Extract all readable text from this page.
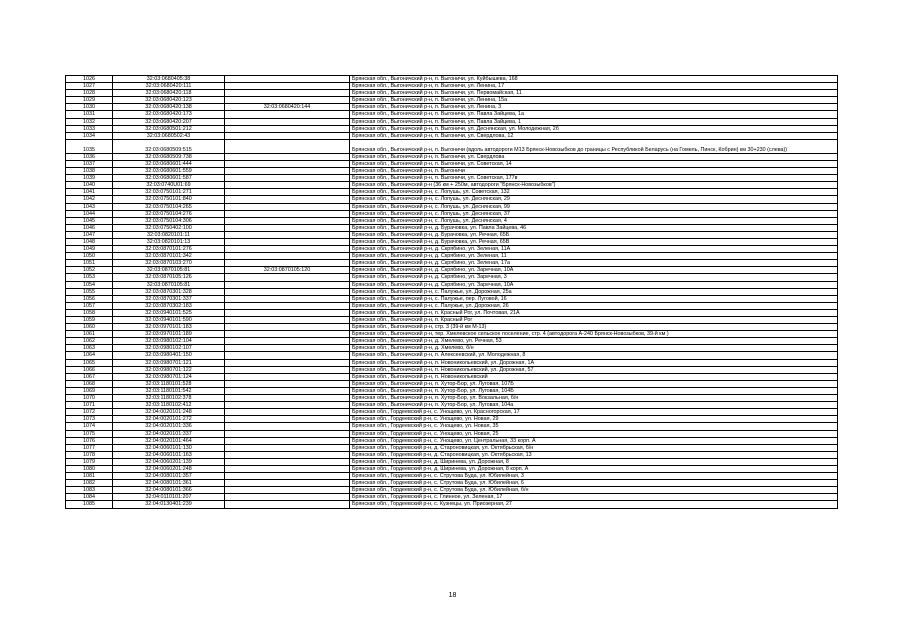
1026	32:03:0680405:38		Брянская обл., Выгоничский р-н, п. Выгоничи, ул. Куйбышева, 168
1027	32:03:0680420:111		Брянская обл., Выгоничский р-н, п. Выгоничи, ул. Ленина, 17
1028	32:03:0680420:118		Брянская обл., Выгоничский р-н, п. Выгоничи, ул. Первомайская, 11
1029	32:03:0680420:123		Брянская обл., Выгоничский р-н, п. Выгоничи, ул. Ленина, 15а
1030	32:03:0680420:138	32:03:0680420:144	Брянская обл., Выгоничский р-н, п. Выгоничи, ул. Ленина, 3
1031	32:03:0680420:173		Брянская обл., Выгоничский р-н, п. Выгоничи, ул. Павла Зайцева, 1а
1032	32:03:0680420:207		Брянская обл., Выгоничский р-н, п. Выгоничи, ул. Павла Зайцева, 1
1033	32:03:0680501:212		Брянская обл., Выгоничский р-н, п. Выгоничи, ул. Деснянская, ул. Молодежная, 2б
1034	32:03:0680502:43		Брянская обл., Выгоничский р-н, п. Выгоничи, ул. Свердлова, 12
1035	32:03:0680509:515		Брянская обл., Выгоничский р-н, п. Выгоничи (вдоль автодороги М13 Брянск-Новозыбков до границы с Республикой Беларусь (на Гомель, Пинск, Кобрин) км 30+230 (слева))
1036	32:03:0680509:738		Брянская обл., Выгоничский р-н, п. Выгоничи, ул. Свердлова
1037	32:03:0680601:444		Брянская обл., Выгоничский р-н, п. Выгоничи, ул. Советская, 14
1038	32:03:0680601:559		Брянская обл., Выгоничский р-н, п. Выгоничи
1039	32:03:0680601:587		Брянская обл., Выгоничский р-н, п. Выгоничи, ул. Советская, 177в
1040	32:03:0740U01:69		Брянская обл., Выгоничский р-н (36 км + 250м, автодороги "Брянск-Новозыбков")
1041	32:03:0750101:271		Брянская обл., Выгоничский р-н, с. Лопушь, ул. Советская, 132
1042	32:03:0750101:840		Брянская обл., Выгоничский р-н, с. Лопушь, ул. Деснянская, 29
1043	32:03:0750104:265		Брянская обл., Выгоничский р-н, с. Лопушь, ул. Деснянская, 99
1044	32:03:0750104:276		Брянская обл., Выгоничский р-н, с. Лопушь, ул. Деснянская, 37
1045	32:03:0750104:306		Брянская обл., Выгоничский р-н, с. Лопушь, ул. Деснянская, 4
1046	32:03:0750402:100		Брянская обл., Выгоничский р-н, д. Бурачовка, ул. Павла Зайцева, 46
1047	32:03:0820101:11		Брянская обл., Выгоничский р-н, д. Бурачовка, ул. Речная, 65Б
1048	32:03:0820101:13		Брянская обл., Выгоничский р-н, д. Бурачовка, ул. Речная, 65В
1049	32:03:0870101:276		Брянская обл., Выгоничский р-н, д. Скрябино, ул. Зеленая, 11А
1050	32:03:0870101:342		Брянская обл., Выгоничский р-н, д. Скрябино, ул. Зеленая, 11
1051	32:03:0870103:270		Брянская обл., Выгоничский р-н, д. Скрябино, ул. Зеленая, 17а
1052	32:03:0870105:81	32:03:0870105:120	Брянская обл., Выгоничский р-н, д. Скрябино, ул. Заречная, 10А
1053	32:03:0870105:126		Брянская обл., Выгоничский р-н, д. Скрябино, ул. Заречная, 3
1054	32:03:0870105:81		Брянская обл., Выгоничский р-н, д. Скрябино, ул. Заречная, 10А
1055	32:03:0870301:328		Брянская обл., Выгоничский р-н, с. Палужье, ул. Дорожная, 25а
1056	32:03:0870301:337		Брянская обл., Выгоничский р-н, с. Палужье, пер. Луговой, 16
1057	32:03:0870302:183		Брянская обл., Выгоничский р-н, с. Палужье, ул. Дорожная, 26
1058	32:03:0940101:525		Брянская обл., Выгоничский р-н, п. Красный Рог, ул. Почтовая, 21А
1059	32:03:0940101:590		Брянская обл., Выгоничский р-н, п. Красный Рог
1060	32:03:0970101:183		Брянская обл., Выгоничский р-н, стр. 3 (39-й км М-13)
1061	32:03:0970101:189		Брянская обл., Выгоничский р-н, тер. Хмелевское сельское поселение, стр. 4 (автодорога А-240 Брянск-Новозыбков, 39-й км )
1062	32:03:0980102:104		Брянская обл., Выгоничский р-н, д. Хмелево, ул. Речная, 53
1063	32:03:0980102:107		Брянская обл., Выгоничский р-н, д. Хмелево, б/н
1064	32:03:0980401:150		Брянская обл., Выгоничский р-н, п. Алексеевский, ул. Молодежная, 8
1065	32:03:0980701:121		Брянская обл., Выгоничский р-н, п. Новоникольевский, ул. Дорожная, 1А
1066	32:03:0980701:122		Брянская обл., Выгоничский р-н, п. Новоникольевский, ул. Дорожная, 57
1067	32:03:0980701:124		Брянская обл., Выгоничский р-н, п. Новоникольевский
1068	32:03:1180101:528		Брянская обл., Выгоничский р-н, п. Хутор-Бор, ул. Луговая, 107Б
1069	32:03:1180101:542		Брянская обл., Выгоничский р-н, п. Хутор-Бор, ул. Луговая, 104Б
1070	32:03:1180102:378		Брянская обл., Выгоничский р-н, п. Хутор-Бор, ул. Вокзальная, б/н
1071	32:03:1180102:412		Брянская обл., Выгоничский р-н, п. Хутор-Бор, ул. Луговая, 104а
1072	32:04:0020101:248		Брянская обл., Гордеевский р-н, с. Унощево, ул. Красногорская, 17
1073	32:04:0020101:272		Брянская обл., Гордеевский р-н, с. Унощево, ул. Новая, 29
1074	32:04:0020101:336		Брянская обл., Гордеевский р-н, с. Унощево, ул. Новая, 35
1075	32:04:0020101:337		Брянская обл., Гордеевский р-н, с. Унощево, ул. Новая, 25
1076	32:04:0020101:464		Брянская обл., Гордеевский р-н, с. Унощево, ул. Центральная, 33 корп. А
1077	32:04:0060101:130		Брянская обл., Гордеевский р-н, д. Староновицкая, ул. Октябрьская, б/н
1078	32:04:0060101:163		Брянская обл., Гордеевский р-н, д. Староновицкая, ул. Октябрьская, 13
1079	32:04:0060201:139		Брянская обл., Гордеевский р-н, д. Ширинева, ул. Дорожная, 8
1080	32:04:0060201:248		Брянская обл., Гордеевский р-н, д. Ширинева, ул. Дорожная, 8 корп. А
1081	32:04:0080101:357		Брянская обл., Гордеевский р-н, с. Струтова Буда, ул. Юбилейная, 3
1082	32:04:0080101:361		Брянская обл., Гордеевский р-н, с. Струтова Буда, ул. Юбилейная, 6
1083	32:04:0080101:366		Брянская обл., Гордеевский р-н, с. Струтова Буда, ул. Юбилейная, б/н
1084	32:04:0110101:207		Брянская обл., Гордеевский р-н, с. Глинное, ул. Зеленая, 17
1085	32:04:0130401:239		Брянская обл., Гордеевский р-н, с. Кузнецы, ул. Приозерная, 27
18
